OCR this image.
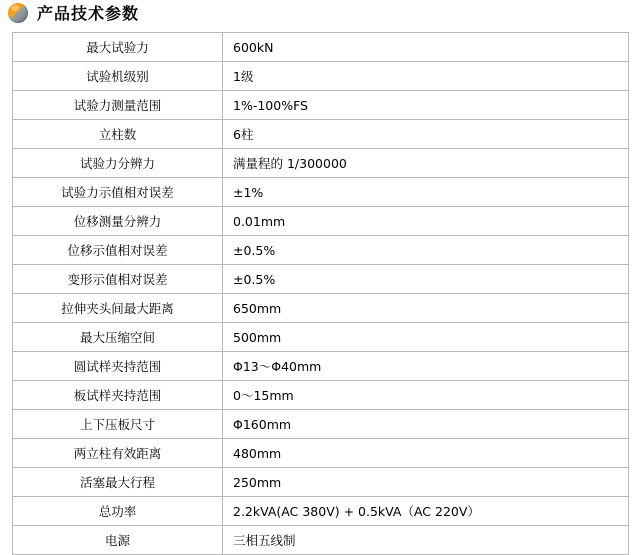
产品技术参数
最大试验力	600kN
试验机级别	1级
试验力测量范围	1%-100%FS
立柱数	6柱
试验力分辨力	满量程的 1/300000
试验力示值相对误差	±1%
位移测量分辨力	0.01mm
位移示值相对误差	±0.5%
变形示值相对误差	±0.5%
拉伸夹头间最大距离	650mm
最大压缩空间	500mm
圆试样夹持范围	Φ13～Φ40mm
板试样夹持范围	0～15mm
上下压板尺寸	Φ160mm
两立柱有效距离	480mm
活塞最大行程	250mm
总功率	2.2kVA(AC 380V) + 0.5kVA（AC 220V）
电源	三相五线制
